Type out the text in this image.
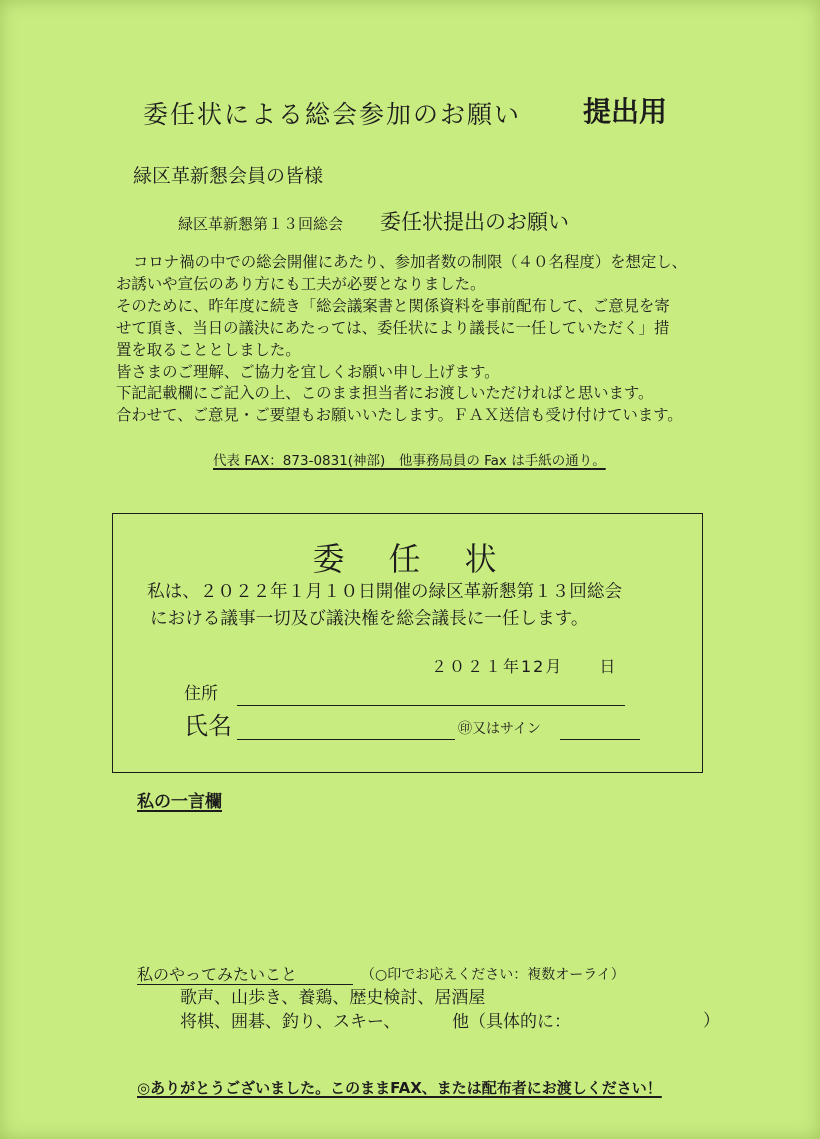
委任状による総会参加のお願い 提出用
緑区革新懇会員の皆様
緑区革新懇第１３回総会 委任状提出のお願い
コロナ禍の中での総会開催にあたり、参加者数の制限（４０名程度）を想定し、
お誘いや宣伝のあり方にも工夫が必要となりました。
そのために、昨年度に続き「総会議案書と関係資料を事前配布して、ご意見を寄
せて頂き、当日の議決にあたっては、委任状により議長に一任していただく」措
置を取ることとしました。
皆さまのご理解、ご協力を宜しくお願い申し上げます。
下記記載欄にご記入の上、このまま担当者にお渡しいただければと思います。
合わせて、ご意見・ご要望もお願いいたします。ＦＡＸ送信も受け付けています。
代表 FAX：873-0831(神部)　他事務局員の Fax は手紙の通り。
委　任　状
私は、２０２２年１月１０日開催の緑区革新懇第１３回総会
における議事一切及び議決権を総会議長に一任します。
２０２１年12月　　日
住所
氏名	㊞又はサイン
私の一言欄
私のやってみたいこと	（○印でお応えください：複数オーライ）
歌声、山歩き、養鶏、歴史検討、居酒屋
将棋、囲碁、釣り、スキー、	他（具体的に：	）
◎ありがとうございました。このままFAX、または配布者にお渡しください！
